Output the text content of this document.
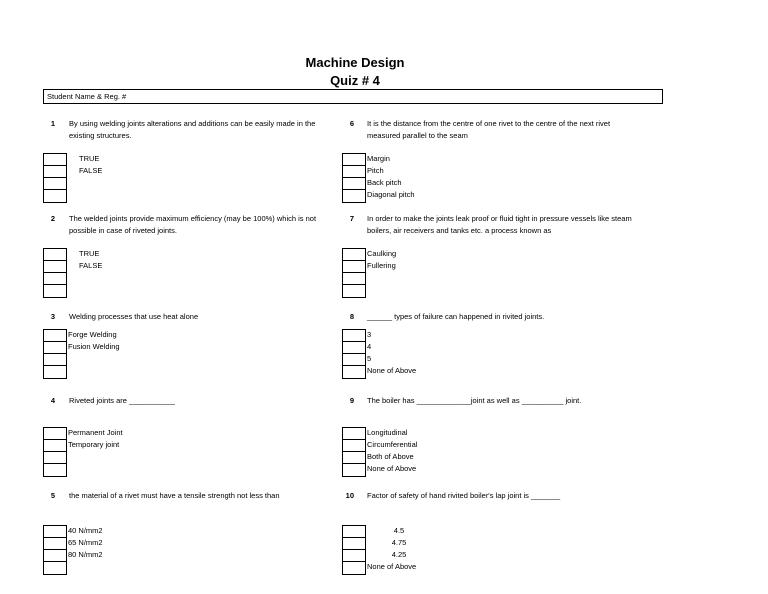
Machine Design
Quiz # 4
Student Name & Reg. #
1 By using welding joints alterations and additions can be easily made in the existing structures.
TRUE
FALSE
2 The welded joints provide maximum efficiency (may be 100%) which is not possible in case of riveted joints.
TRUE
FALSE
3 Welding processes that use heat alone
Forge Welding
Fusion Welding
4 Riveted joints are ___________
Permanent Joint
Temporary joint
5 the material of a rivet must have a tensile strength not less than
40 N/mm2
65 N/mm2
80 N/mm2
6 It is the distance from the centre of one rivet to the centre of the next rivet measured parallel to the seam
Margin
Pitch
Back pitch
Diagonal pitch
7 In order to make the joints leak proof or fluid tight in pressure vessels like steam boilers, air receivers and tanks etc. a process known as
Caulking
Fullering
8 ______ types of failure can happened in rivited joints.
3
4
5
None of Above
9 The boiler has _____________joint as well as __________ joint.
Longitudinal
Circumferential
Both of Above
None of Above
10 Factor of safety of hand rivited boiler's lap joint is _______
4.5
4.75
4.25
None of Above
